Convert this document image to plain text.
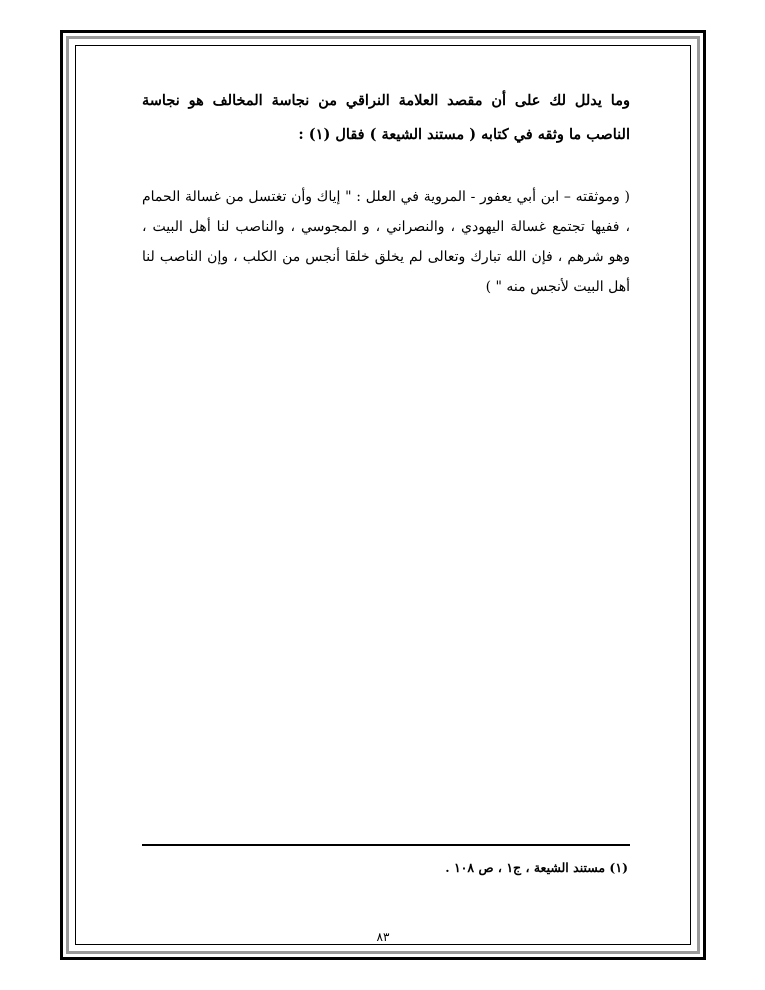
وما يدلل لك على أن مقصد العلامة النراقي من نجاسة المخالف هو نجاسة الناصب ما وثقه في كتابه ( مستند الشيعة ) فقال (١) :
( وموثقته – ابن أبي يعفور - المروية في العلل : " إياك وأن تغتسل من غسالة الحمام ، ففيها تجتمع غسالة اليهودي ، والنصراني ، و المجوسي ، والناصب لنا أهل البيت ، وهو شرهم ، فإن الله تبارك وتعالى لم يخلق خلقا أنجس من الكلب ، وإن الناصب لنا أهل البيت لأنجس منه " )
(١) مستند الشيعة ، ج١ ، ص ١٠٨ .
٨٣
